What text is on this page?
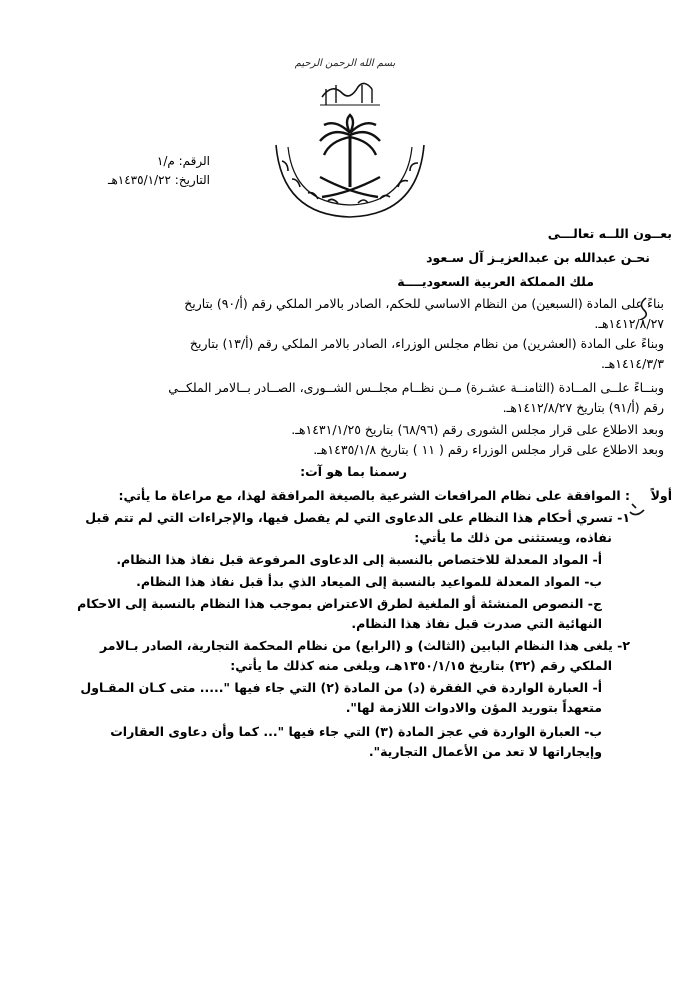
بسم الله الرحمن الرحيم
الرقم: م/١
التاريخ: ١٤٣٥/١/٢٢هـ
بعــون اللــه تعالـــى
نحـن عبدالله بن عبدالعزيـز آل سـعود
ملك المملكة العربية السعوديــــة
بناءً على المادة (السبعين) من النظام الاساسي للحكم، الصادر بالامر الملكي رقم (أ/٩٠) بتاريخ
١٤١٢/٨/٢٧هـ.
وبناءً على المادة (العشرين) من نظام مجلس الوزراء، الصادر بالامر الملكي رقم (أ/١٣) بتاريخ
١٤١٤/٣/٣هـ.
وبنــاءً علــى المــادة (الثامنــة عشـرة) مــن نظــام مجلــس الشــورى، الصــادر بــالامر الملكــي
رقم (أ/٩١) بتاريخ ١٤١٢/٨/٢٧هـ.
وبعد الاطلاع على قرار مجلس الشورى رقم (٦٨/٩٦) بتاريخ ١٤٣١/١/٢٥هـ.
وبعد الاطلاع على قرار مجلس الوزراء رقم ( ١١ ) بتاريخ ١٤٣٥/١/٨هـ.
رسمنا بما هو آت:
أولاً
: الموافقة على نظام المرافعات الشرعية بالصيغة المرافقة لهذا، مع مراعاة ما يأتي:
١- تسري أحكام هذا النظام على الدعاوى التي لم يفصل فيها، والإجراءات التي لم تتم قبل
نفاذه، ويستثنى من ذلك ما يأتي:
أ- المواد المعدلة للاختصاص بالنسبة إلى الدعاوى المرفوعة قبل نفاذ هذا النظام.
ب- المواد المعدلة للمواعيد بالنسبة إلى الميعاد الذي بدأ قبل نفاذ هذا النظام.
ج- النصوص المنشئة أو الملغية لطرق الاعتراض بموجب هذا النظام بالنسبة إلى الاحكام
النهائية التي صدرت قبل نفاذ هذا النظام.
٢- يلغى هذا النظام البابين (الثالث) و (الرابع) من نظام المحكمة التجارية، الصادر بـالامر
الملكي رقم (٣٢) بتاريخ ١٣٥٠/١/١٥هـ، ويلغى منه كذلك ما يأتي:
أ- العبارة الواردة في الفقرة (د) من المادة (٢) التي جاء فيها "..... متى كـان المقـاول
متعهداً بتوريد المؤن والادوات اللازمة لها".
ب- العبارة الواردة في عجز المادة (٣) التي جاء فيها "... كما وأن دعاوى العقارات
وإيجاراتها لا تعد من الأعمال التجارية".
